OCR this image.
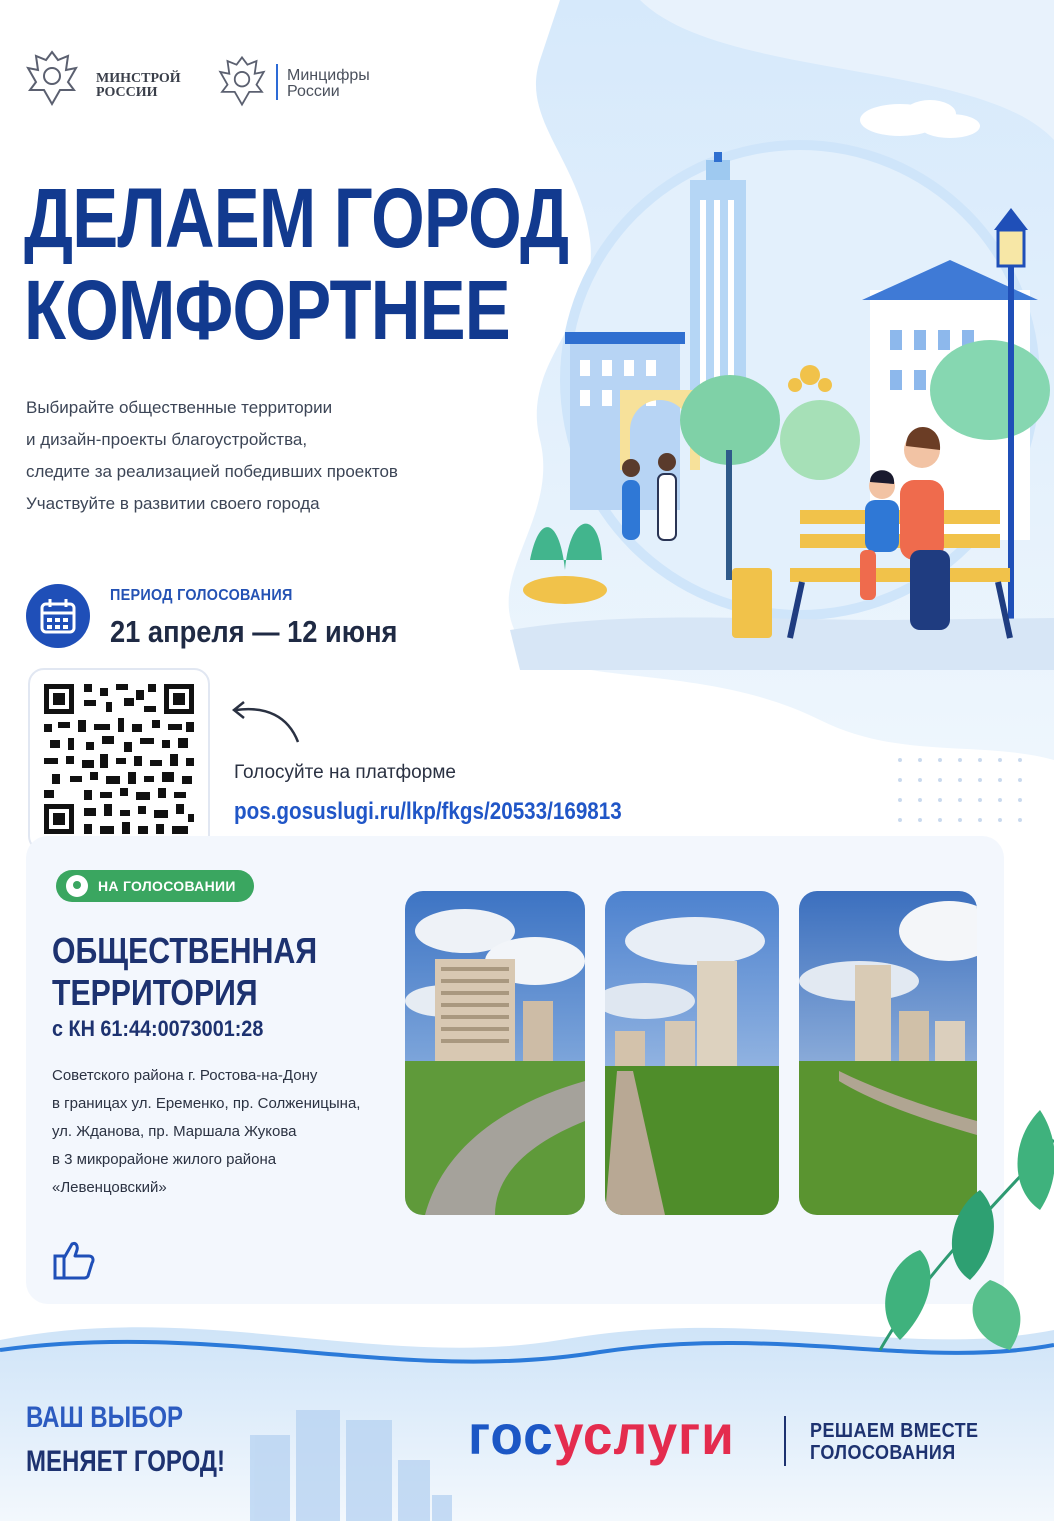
МИНСТРОЙ
РОССИИ
Минцифры
России
ДЕЛАЕМ ГОРОД
КОМФОРТНЕЕ
Выбирайте общественные территории
и дизайн-проекты благоустройства,
следите за реализацией победивших проектов
Участвуйте в развитии своего города
ПЕРИОД ГОЛОСОВАНИЯ
21 апреля — 12 июня
Голосуйте на платформе
pos.gosuslugi.ru/lkp/fkgs/20533/169813
НА ГОЛОСОВАНИИ
ОБЩЕСТВЕННАЯ
ТЕРРИТОРИЯ
с КН 61:44:0073001:28
Советского района г. Ростова-на-Дону
в границах ул. Еременко, пр. Солженицына,
ул. Жданова, пр. Маршала Жукова
в 3 микрорайоне жилого района
«Левенцовский»
ВАШ ВЫБОР
МЕНЯЕТ ГОРОД!	госуслуги	РЕШАЕМ ВМЕСТЕ
ГОЛОСОВАНИЯ
